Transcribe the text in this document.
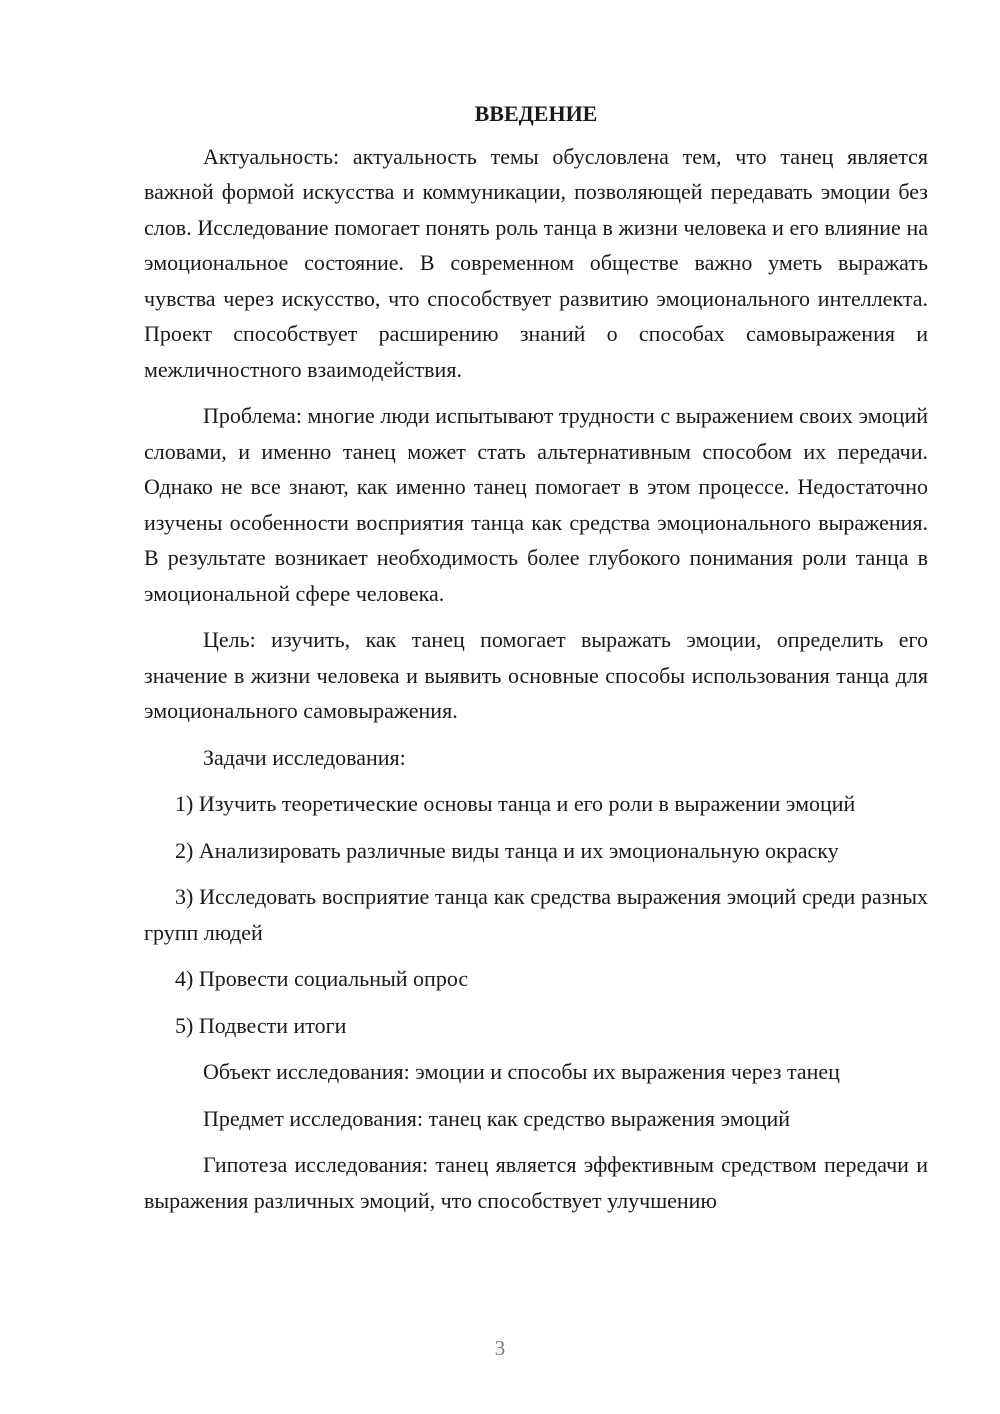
ВВЕДЕНИЕ

Актуальность: актуальность темы обусловлена тем, что танец является важной формой искусства и коммуникации, позволяющей передавать эмоции без слов. Исследование помогает понять роль танца в жизни человека и его влияние на эмоциональное состояние. В современном обществе важно уметь выражать чувства через искусство, что способствует развитию эмоционального интеллекта. Проект способствует расширению знаний о способах самовыражения и межличностного взаимодействия.

Проблема: многие люди испытывают трудности с выражением своих эмоций словами, и именно танец может стать альтернативным способом их передачи. Однако не все знают, как именно танец помогает в этом процессе. Недостаточно изучены особенности восприятия танца как средства эмоционального выражения. В результате возникает необходимость более глубокого понимания роли танца в эмоциональной сфере человека.

Цель: изучить, как танец помогает выражать эмоции, определить его значение в жизни человека и выявить основные способы использования танца для эмоционального самовыражения.

Задачи исследования:

1) Изучить теоретические основы танца и его роли в выражении эмоций

2) Анализировать различные виды танца и их эмоциональную окраску

3) Исследовать восприятие танца как средства выражения эмоций среди разных групп людей

4) Провести социальный опрос

5) Подвести итоги

Объект исследования: эмоции и способы их выражения через танец

Предмет исследования: танец как средство выражения эмоций

Гипотеза исследования: танец является эффективным средством передачи и выражения различных эмоций, что способствует улучшению

3
